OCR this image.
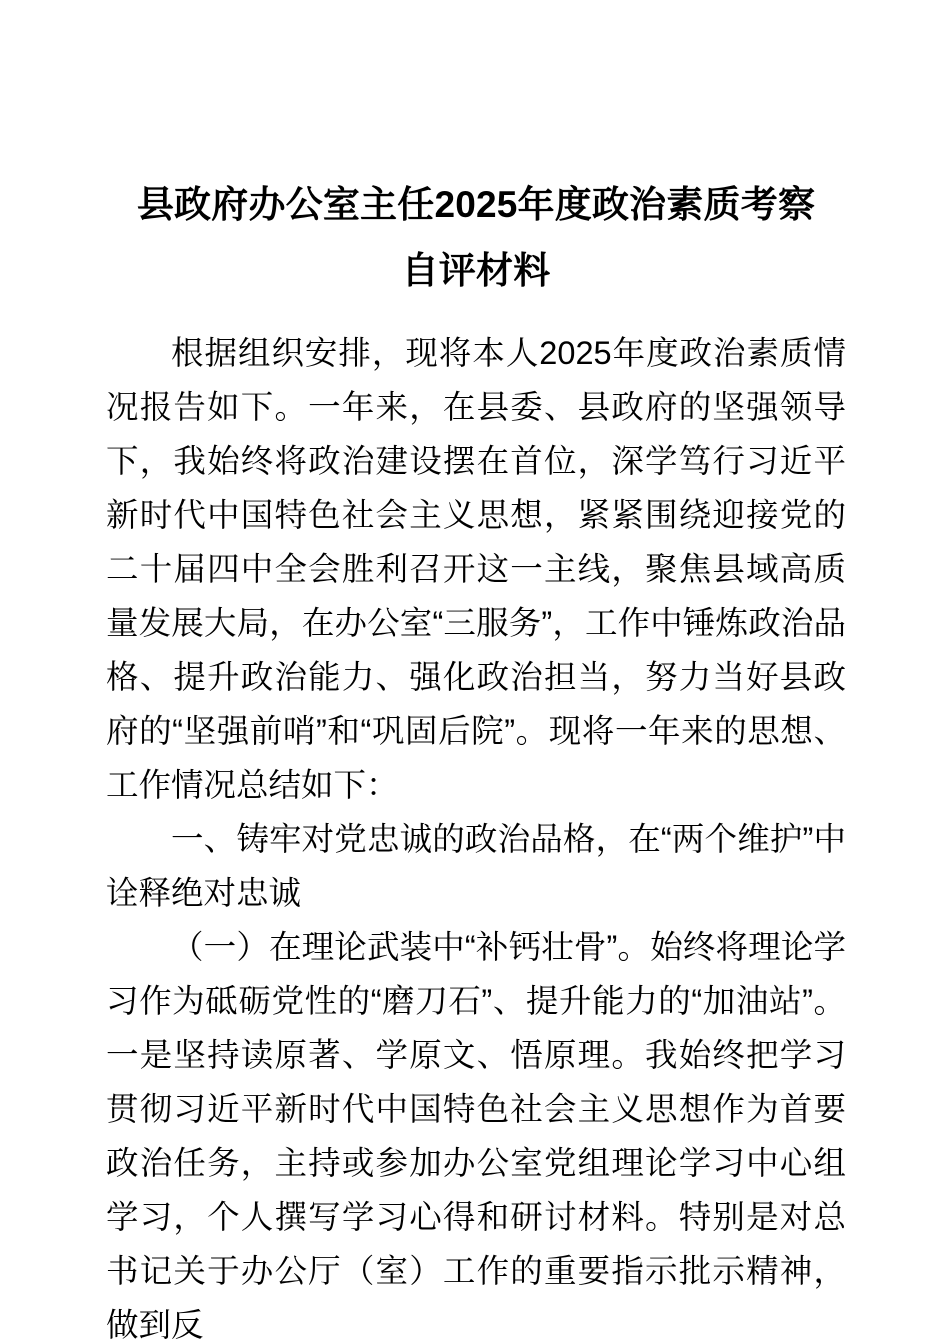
县政府办公室主任2025年度政治素质考察
自评材料

根据组织安排，现将本人2025年度政治素质情况报告如下。一年来，在县委、县政府的坚强领导下，我始终将政治建设摆在首位，深学笃行习近平新时代中国特色社会主义思想，紧紧围绕迎接党的二十届四中全会胜利召开这一主线，聚焦县域高质量发展大局，在办公室“三服务”，工作中锤炼政治品格、提升政治能力、强化政治担当，努力当好县政府的“坚强前哨”和“巩固后院”。现将一年来的思想、工作情况总结如下：

一、铸牢对党忠诚的政治品格，在“两个维护”中诠释绝对忠诚

（一）在理论武装中“补钙壮骨”。始终将理论学习作为砥砺党性的“磨刀石”、提升能力的“加油站”。一是坚持读原著、学原文、悟原理。我始终把学习贯彻习近平新时代中国特色社会主义思想作为首要政治任务，主持或参加办公室党组理论学习中心组学习，个人撰写学习心得和研讨材料。特别是对总书记关于办公厅（室）工作的重要指示批示精神，做到反
